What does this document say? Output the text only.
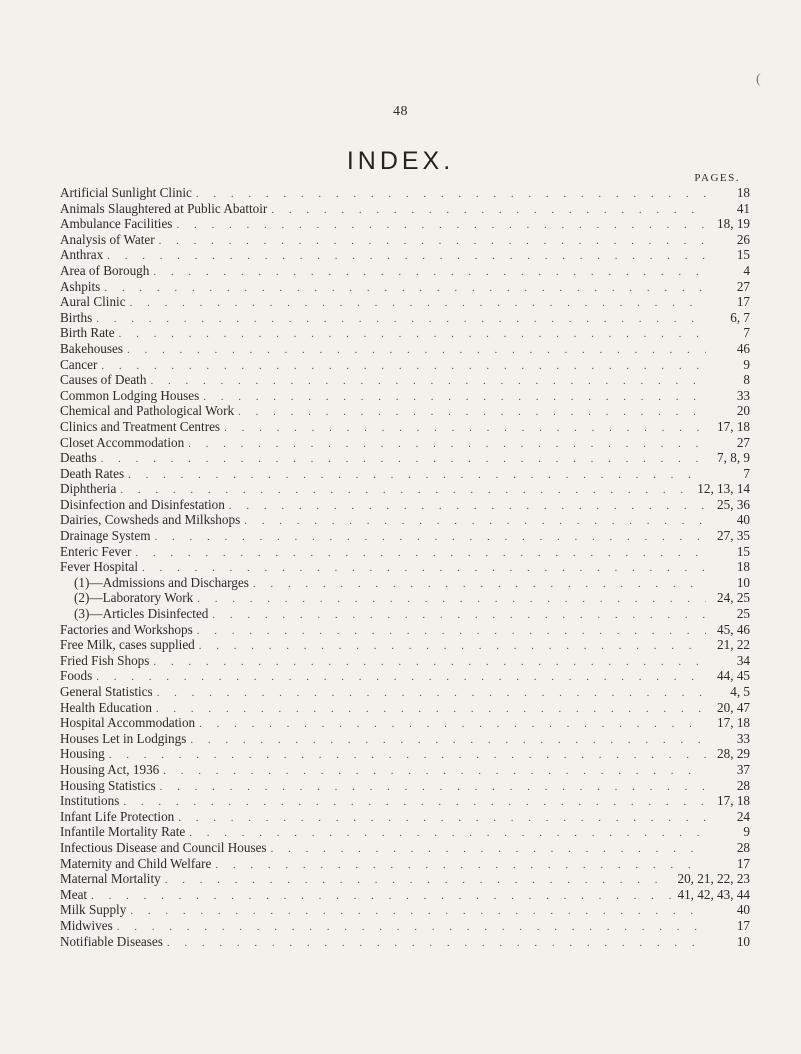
(
48
INDEX.
PAGES.
Artificial Sunlight Clinic . . .	18
Animals Slaughtered at Public Abattoir . . .	41
Ambulance Facilities . . .	18, 19
Analysis of Water . . .	26
Anthrax . . .	15
Area of Borough . . .	4
Ashpits . . .	27
Aural Clinic . . .	17
Births . . .	6, 7
Birth Rate . . .	7
Bakehouses . . .	46
Cancer . . .	9
Causes of Death . . .	8
Common Lodging Houses . . .	33
Chemical and Pathological Work . . .	20
Clinics and Treatment Centres . . .	17, 18
Closet Accommodation . . .	27
Deaths . . .	7, 8, 9
Death Rates . . .	7
Diphtheria . . .	12, 13, 14
Disinfection and Disinfestation . . .	25, 36
Dairies, Cowsheds and Milkshops . . .	40
Drainage System . . .	27, 35
Enteric Fever . . .	15
Fever Hospital . . .	18
(1)—Admissions and Discharges . . .	10
(2)—Laboratory Work . . .	24, 25
(3)—Articles Disinfected . . .	25
Factories and Workshops . . .	45, 46
Free Milk, cases supplied . . .	21, 22
Fried Fish Shops . . .	34
Foods . . .	44, 45
General Statistics . . .	4, 5
Health Education . . .	20, 47
Hospital Accommodation . . .	17, 18
Houses Let in Lodgings . . .	33
Housing . . .	28, 29
Housing Act, 1936 . . .	37
Housing Statistics . . .	28
Institutions . . .	17, 18
Infant Life Protection . . .	24
Infantile Mortality Rate . . .	9
Infectious Disease and Council Houses . . .	28
Maternity and Child Welfare . . .	17
Maternal Mortality . . .	20, 21, 22, 23
Meat . . .	41, 42, 43, 44
Milk Supply . . .	40
Midwives . . .	17
Notifiable Diseases . . .	10
